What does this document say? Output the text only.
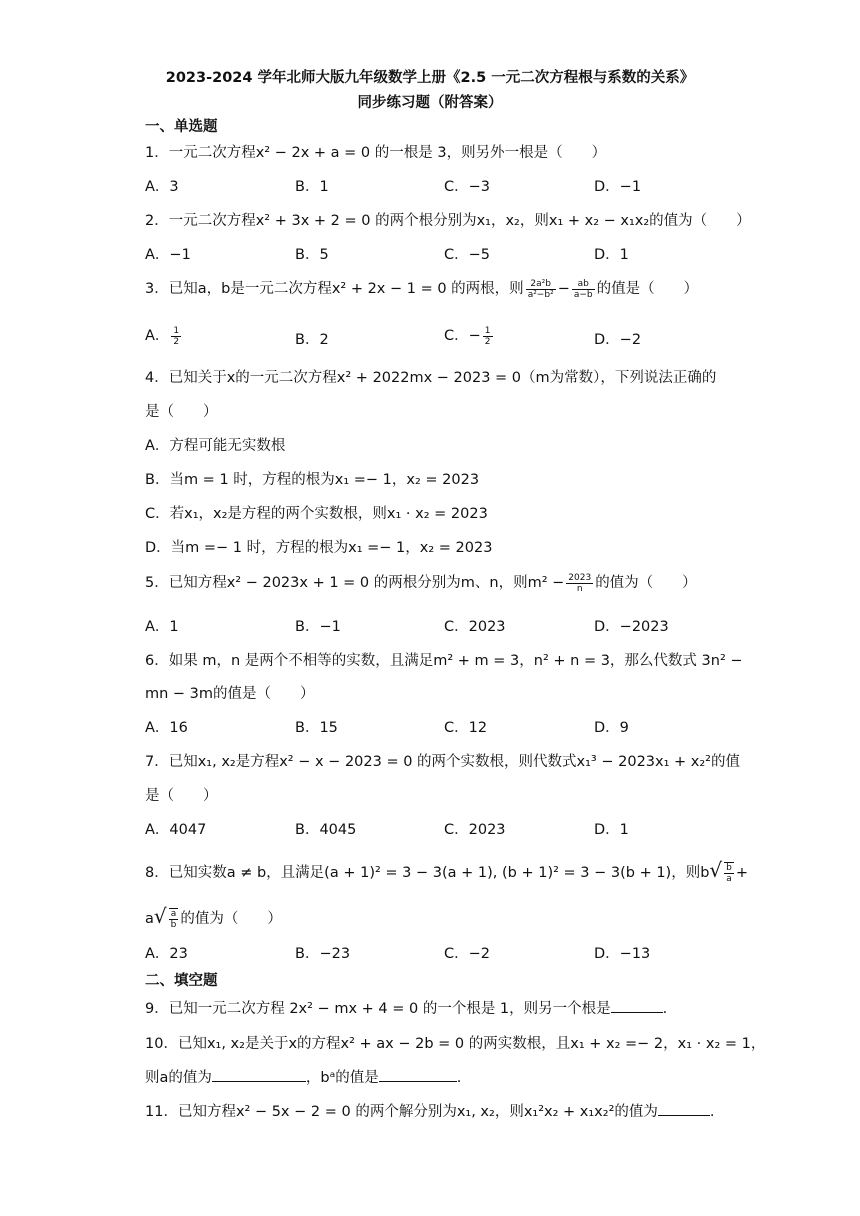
2023-2024 学年北师大版九年级数学上册《2.5 一元二次方程根与系数的关系》
同步练习题（附答案）
一、单选题
1．一元二次方程x² − 2x + a = 0 的一根是 3，则另外一根是（　　）
A．3	B．1	C．−3	D．−1
2．一元二次方程x² + 3x + 2 = 0 的两个根分别为x₁，x₂，则x₁ + x₂ − x₁x₂的值为（　　）
A．−1	B．5	C．−5	D．1
3．已知a，b是一元二次方程x² + 2x − 1 = 0 的两根，则 $\frac{\text{2a²b}}{\text{a²−b²}} - \frac{ab}{a-b}$ 的值是（　　）
A． $\frac{1}{2}$	B．2	C．− $\frac{1}{2}$	D．−2
4．已知关于x的一元二次方程x² + 2022mx − 2023 = 0（m为常数），下列说法正确的
是（　　）
A．方程可能无实数根
B．当m = 1 时，方程的根为x₁ =− 1，x₂ = 2023
C．若x₁，x₂是方程的两个实数根，则x₁ · x₂ = 2023
D．当m =− 1 时，方程的根为x₁ =− 1，x₂ = 2023
5．已知方程x² − 2023x + 1 = 0 的两根分别为m、n，则$m^2 - \frac{2023}{n}$ 的值为（　　）
A．1	B．−1	C．2023	D．−2023
6．如果 m，n 是两个不相等的实数，且满足m² + m = 3，n² + n = 3，那么代数式 3n² −
mn − 3m的值是（　　）
A．16	B．15	C．12	D．9
7．已知x₁, x₂是方程x² − x − 2023 = 0 的两个实数根，则代数式x₁³ − 2023x₁ + x₂²的值
是（　　）
A．4047	B．4045	C．2023	D．1
8．已知实数a ≠ b，且满足(a + 1)² = 3 − 3(a + 1), (b + 1)² = 3 − 3(b + 1)，则$b√ \frac{b}{a}$ +
$a√ \frac{a}{b}$ 的值为（　　）
A．23	B．−23	C．−2	D．−13
二、填空题
9．已知一元二次方程 2x² − mx + 4 = 0 的一个根是 1，则另一个根是	.
10．已知x₁, x₂是关于x的方程x² + ax − 2b = 0 的两实数根，且x₁ + x₂ =− 2，x₁ · x₂ = 1，
则a的值为	，bᵃ的值是	.
11．已知方程x² − 5x − 2 = 0 的两个解分别为x₁, x₂，则x₁²x₂ + x₁x₂²的值为	.
